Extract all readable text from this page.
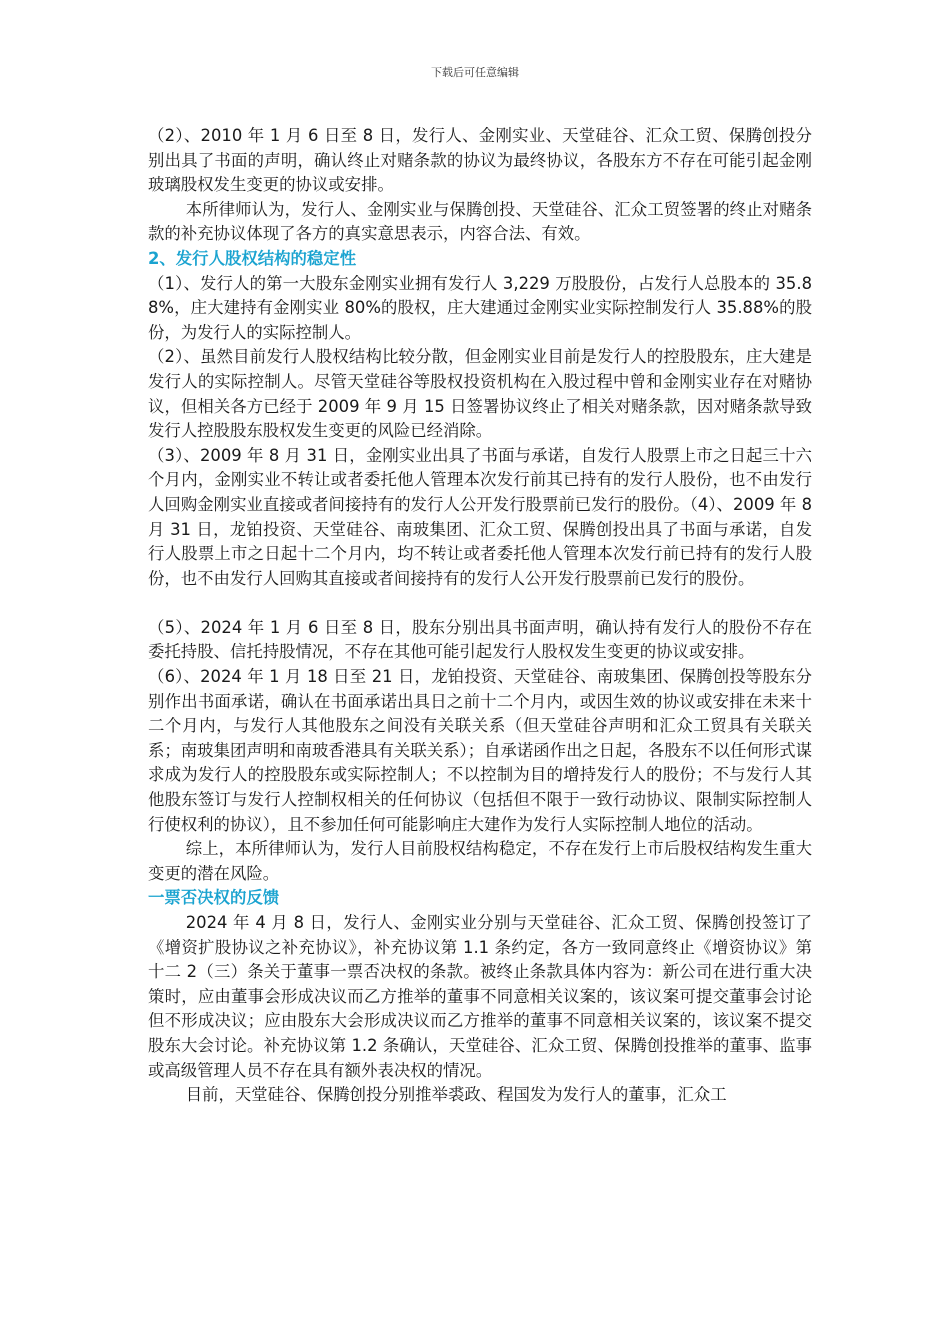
下载后可任意编辑

（2）、2010 年 1 月 6 日至 8 日，发行人、金刚实业、天堂硅谷、汇众工贸、保腾创投分别出具了书面的声明，确认终止对赌条款的协议为最终协议，各股东方不存在可能引起金刚玻璃股权发生变更的协议或安排。

本所律师认为，发行人、金刚实业与保腾创投、天堂硅谷、汇众工贸签署的终止对赌条款的补充协议体现了各方的真实意思表示，内容合法、有效。

2、发行人股权结构的稳定性

（1）、发行人的第一大股东金刚实业拥有发行人 3,229 万股股份，占发行人总股本的 35.88%，庄大建持有金刚实业 80%的股权，庄大建通过金刚实业实际控制发行人 35.88%的股份，为发行人的实际控制人。

（2）、虽然目前发行人股权结构比较分散，但金刚实业目前是发行人的控股股东，庄大建是发行人的实际控制人。尽管天堂硅谷等股权投资机构在入股过程中曾和金刚实业存在对赌协议，但相关各方已经于 2009 年 9 月 15 日签署协议终止了相关对赌条款，因对赌条款导致发行人控股股东股权发生变更的风险已经消除。

（3）、2009 年 8 月 31 日，金刚实业出具了书面与承诺，自发行人股票上市之日起三十六个月内，金刚实业不转让或者委托他人管理本次发行前其已持有的发行人股份，也不由发行人回购金刚实业直接或者间接持有的发行人公开发行股票前已发行的股份。（4）、2009 年 8 月 31 日，龙铂投资、天堂硅谷、南玻集团、汇众工贸、保腾创投出具了书面与承诺，自发行人股票上市之日起十二个月内，均不转让或者委托他人管理本次发行前已持有的发行人股份，也不由发行人回购其直接或者间接持有的发行人公开发行股票前已发行的股份。

（5）、2024 年 1 月 6 日至 8 日，股东分别出具书面声明，确认持有发行人的股份不存在委托持股、信托持股情况，不存在其他可能引起发行人股权发生变更的协议或安排。

（6）、2024 年 1 月 18 日至 21 日，龙铂投资、天堂硅谷、南玻集团、保腾创投等股东分别作出书面承诺，确认在书面承诺出具日之前十二个月内，或因生效的协议或安排在未来十二个月内，与发行人其他股东之间没有关联关系（但天堂硅谷声明和汇众工贸具有关联关系；南玻集团声明和南玻香港具有关联关系）；自承诺函作出之日起，各股东不以任何形式谋求成为发行人的控股股东或实际控制人；不以控制为目的增持发行人的股份；不与发行人其他股东签订与发行人控制权相关的任何协议（包括但不限于一致行动协议、限制实际控制人行使权利的协议），且不参加任何可能影响庄大建作为发行人实际控制人地位的活动。

综上，本所律师认为，发行人目前股权结构稳定，不存在发行上市后股权结构发生重大变更的潜在风险。

一票否决权的反馈

2024 年 4 月 8 日，发行人、金刚实业分别与天堂硅谷、汇众工贸、保腾创投签订了《增资扩股协议之补充协议》，补充协议第 1.1 条约定，各方一致同意终止《增资协议》第十二 2（三）条关于董事一票否决权的条款。被终止条款具体内容为：新公司在进行重大决策时，应由董事会形成决议而乙方推举的董事不同意相关议案的，该议案可提交董事会讨论但不形成决议；应由股东大会形成决议而乙方推举的董事不同意相关议案的，该议案不提交股东大会讨论。补充协议第 1.2 条确认，天堂硅谷、汇众工贸、保腾创投推举的董事、监事或高级管理人员不存在具有额外表决权的情况。

目前，天堂硅谷、保腾创投分别推举裘政、程国发为发行人的董事，汇众工
